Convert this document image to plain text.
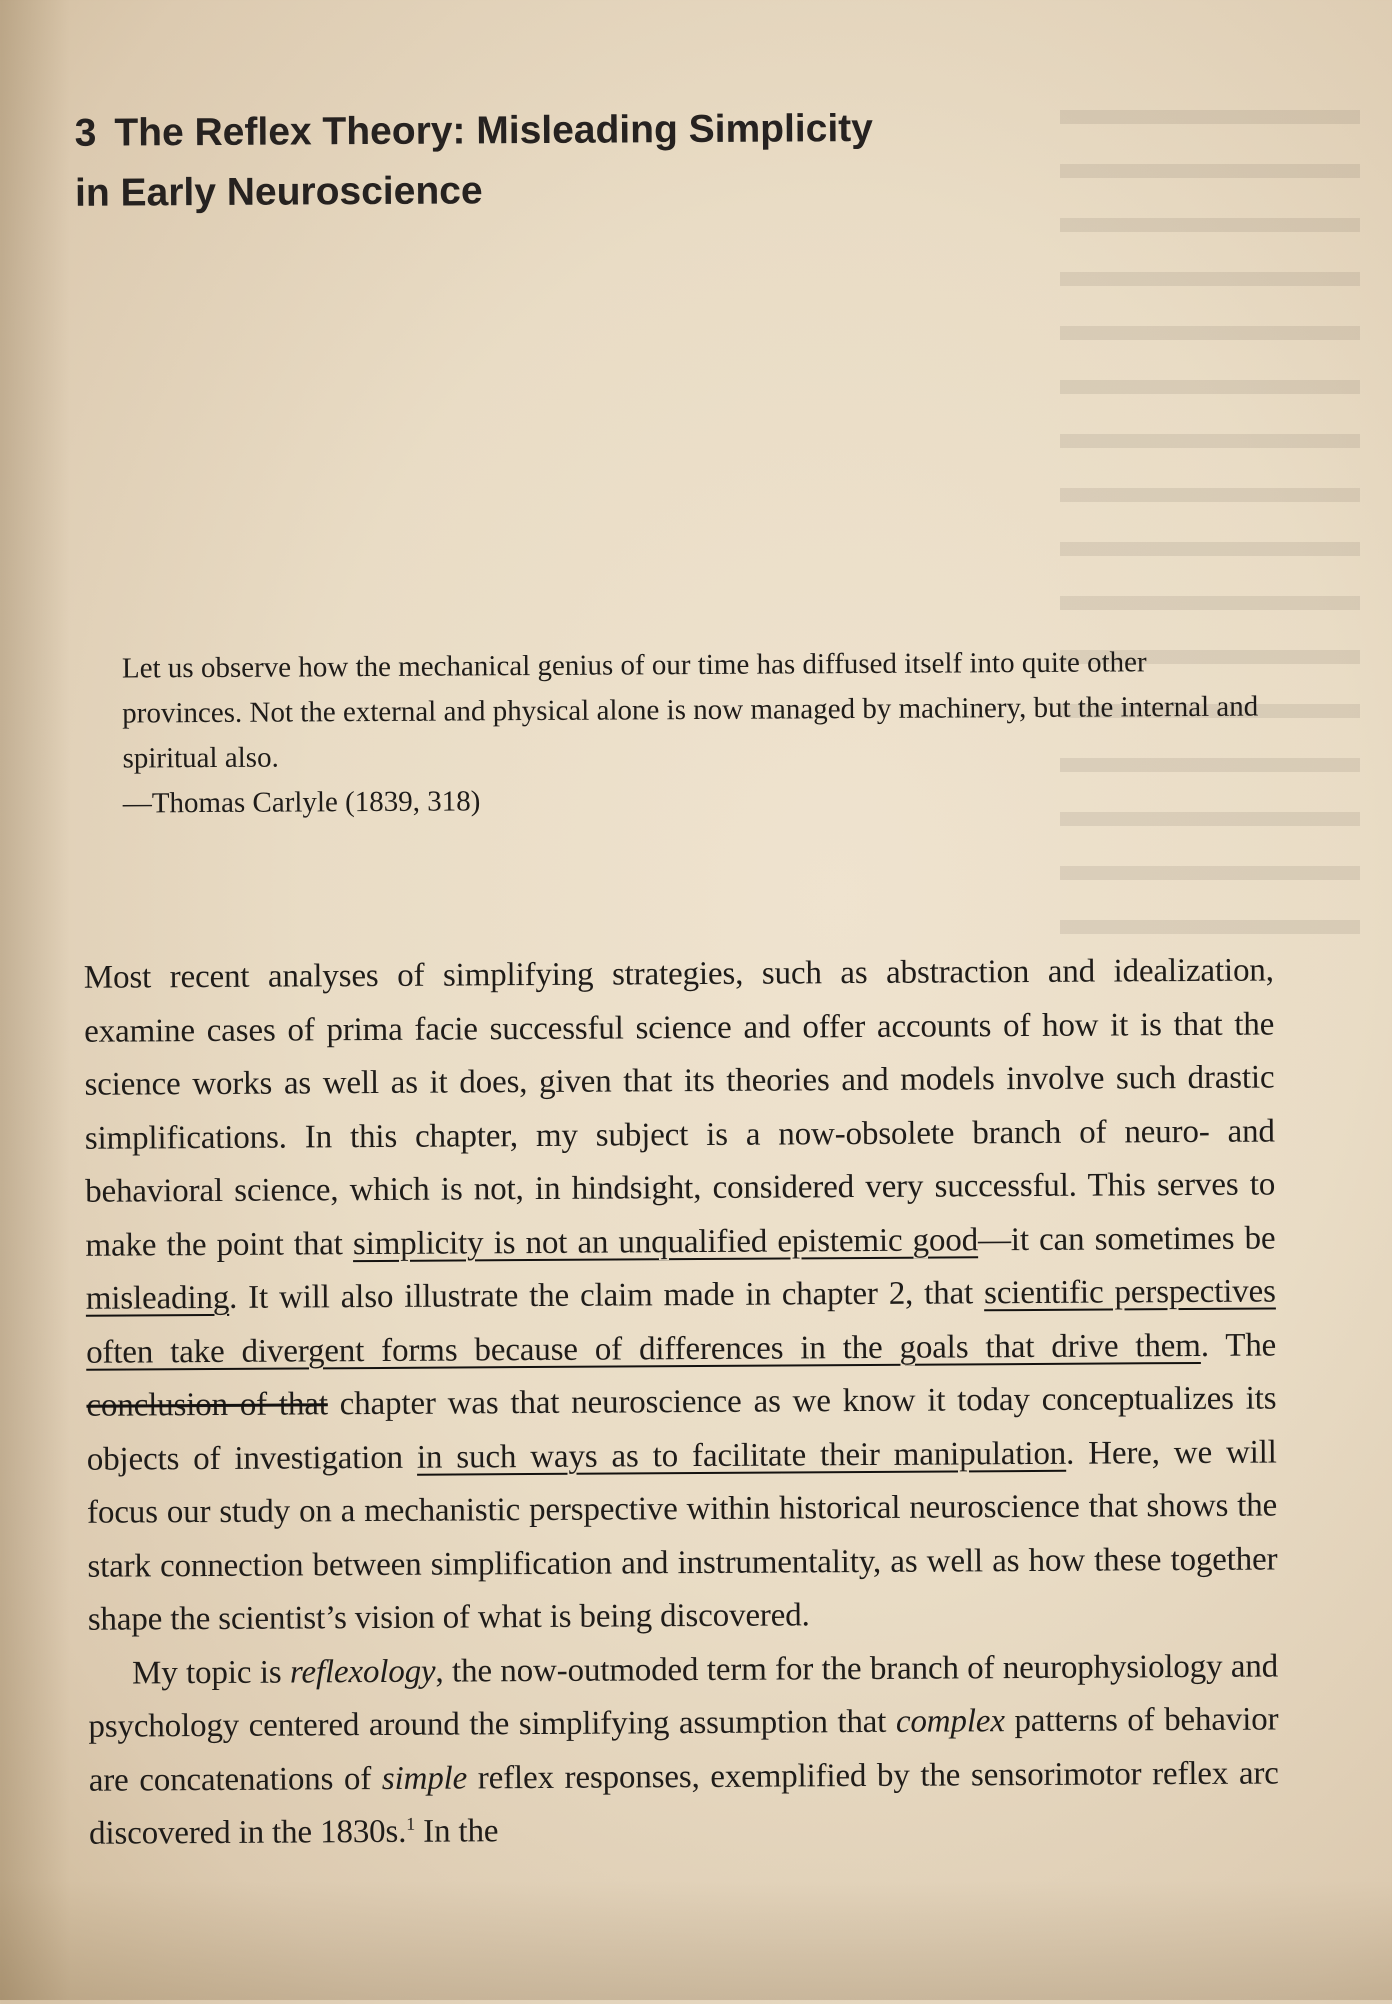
3 The Reflex Theory: Misleading Simplicity
in Early Neuroscience

Let us observe how the mechanical genius of our time has diffused itself into quite other provinces. Not the external and physical alone is now managed by machinery, but the internal and spiritual also.

—Thomas Carlyle (1839, 318)

Most recent analyses of simplifying strategies, such as abstraction and idealization, examine cases of prima facie successful science and offer accounts of how it is that the science works as well as it does, given that its theories and models involve such drastic simplifications. In this chapter, my subject is a now-obsolete branch of neuro- and behavioral science, which is not, in hindsight, considered very successful. This serves to make the point that simplicity is not an unqualified epistemic good—it can sometimes be misleading. It will also illustrate the claim made in chapter 2, that scientific perspectives often take divergent forms because of differences in the goals that drive them. The conclusion of that chapter was that neuroscience as we know it today conceptualizes its objects of investigation in such ways as to facilitate their manipulation. Here, we will focus our study on a mechanistic perspective within historical neuroscience that shows the stark connection between simplification and instrumentality, as well as how these together shape the scientist’s vision of what is being discovered.
My topic is reflexology, the now-outmoded term for the branch of neurophysiology and psychology centered around the simplifying assumption that complex patterns of behavior are concatenations of simple reflex responses, exemplified by the sensorimotor reflex arc discovered in the 1830s.$^1$ In the
